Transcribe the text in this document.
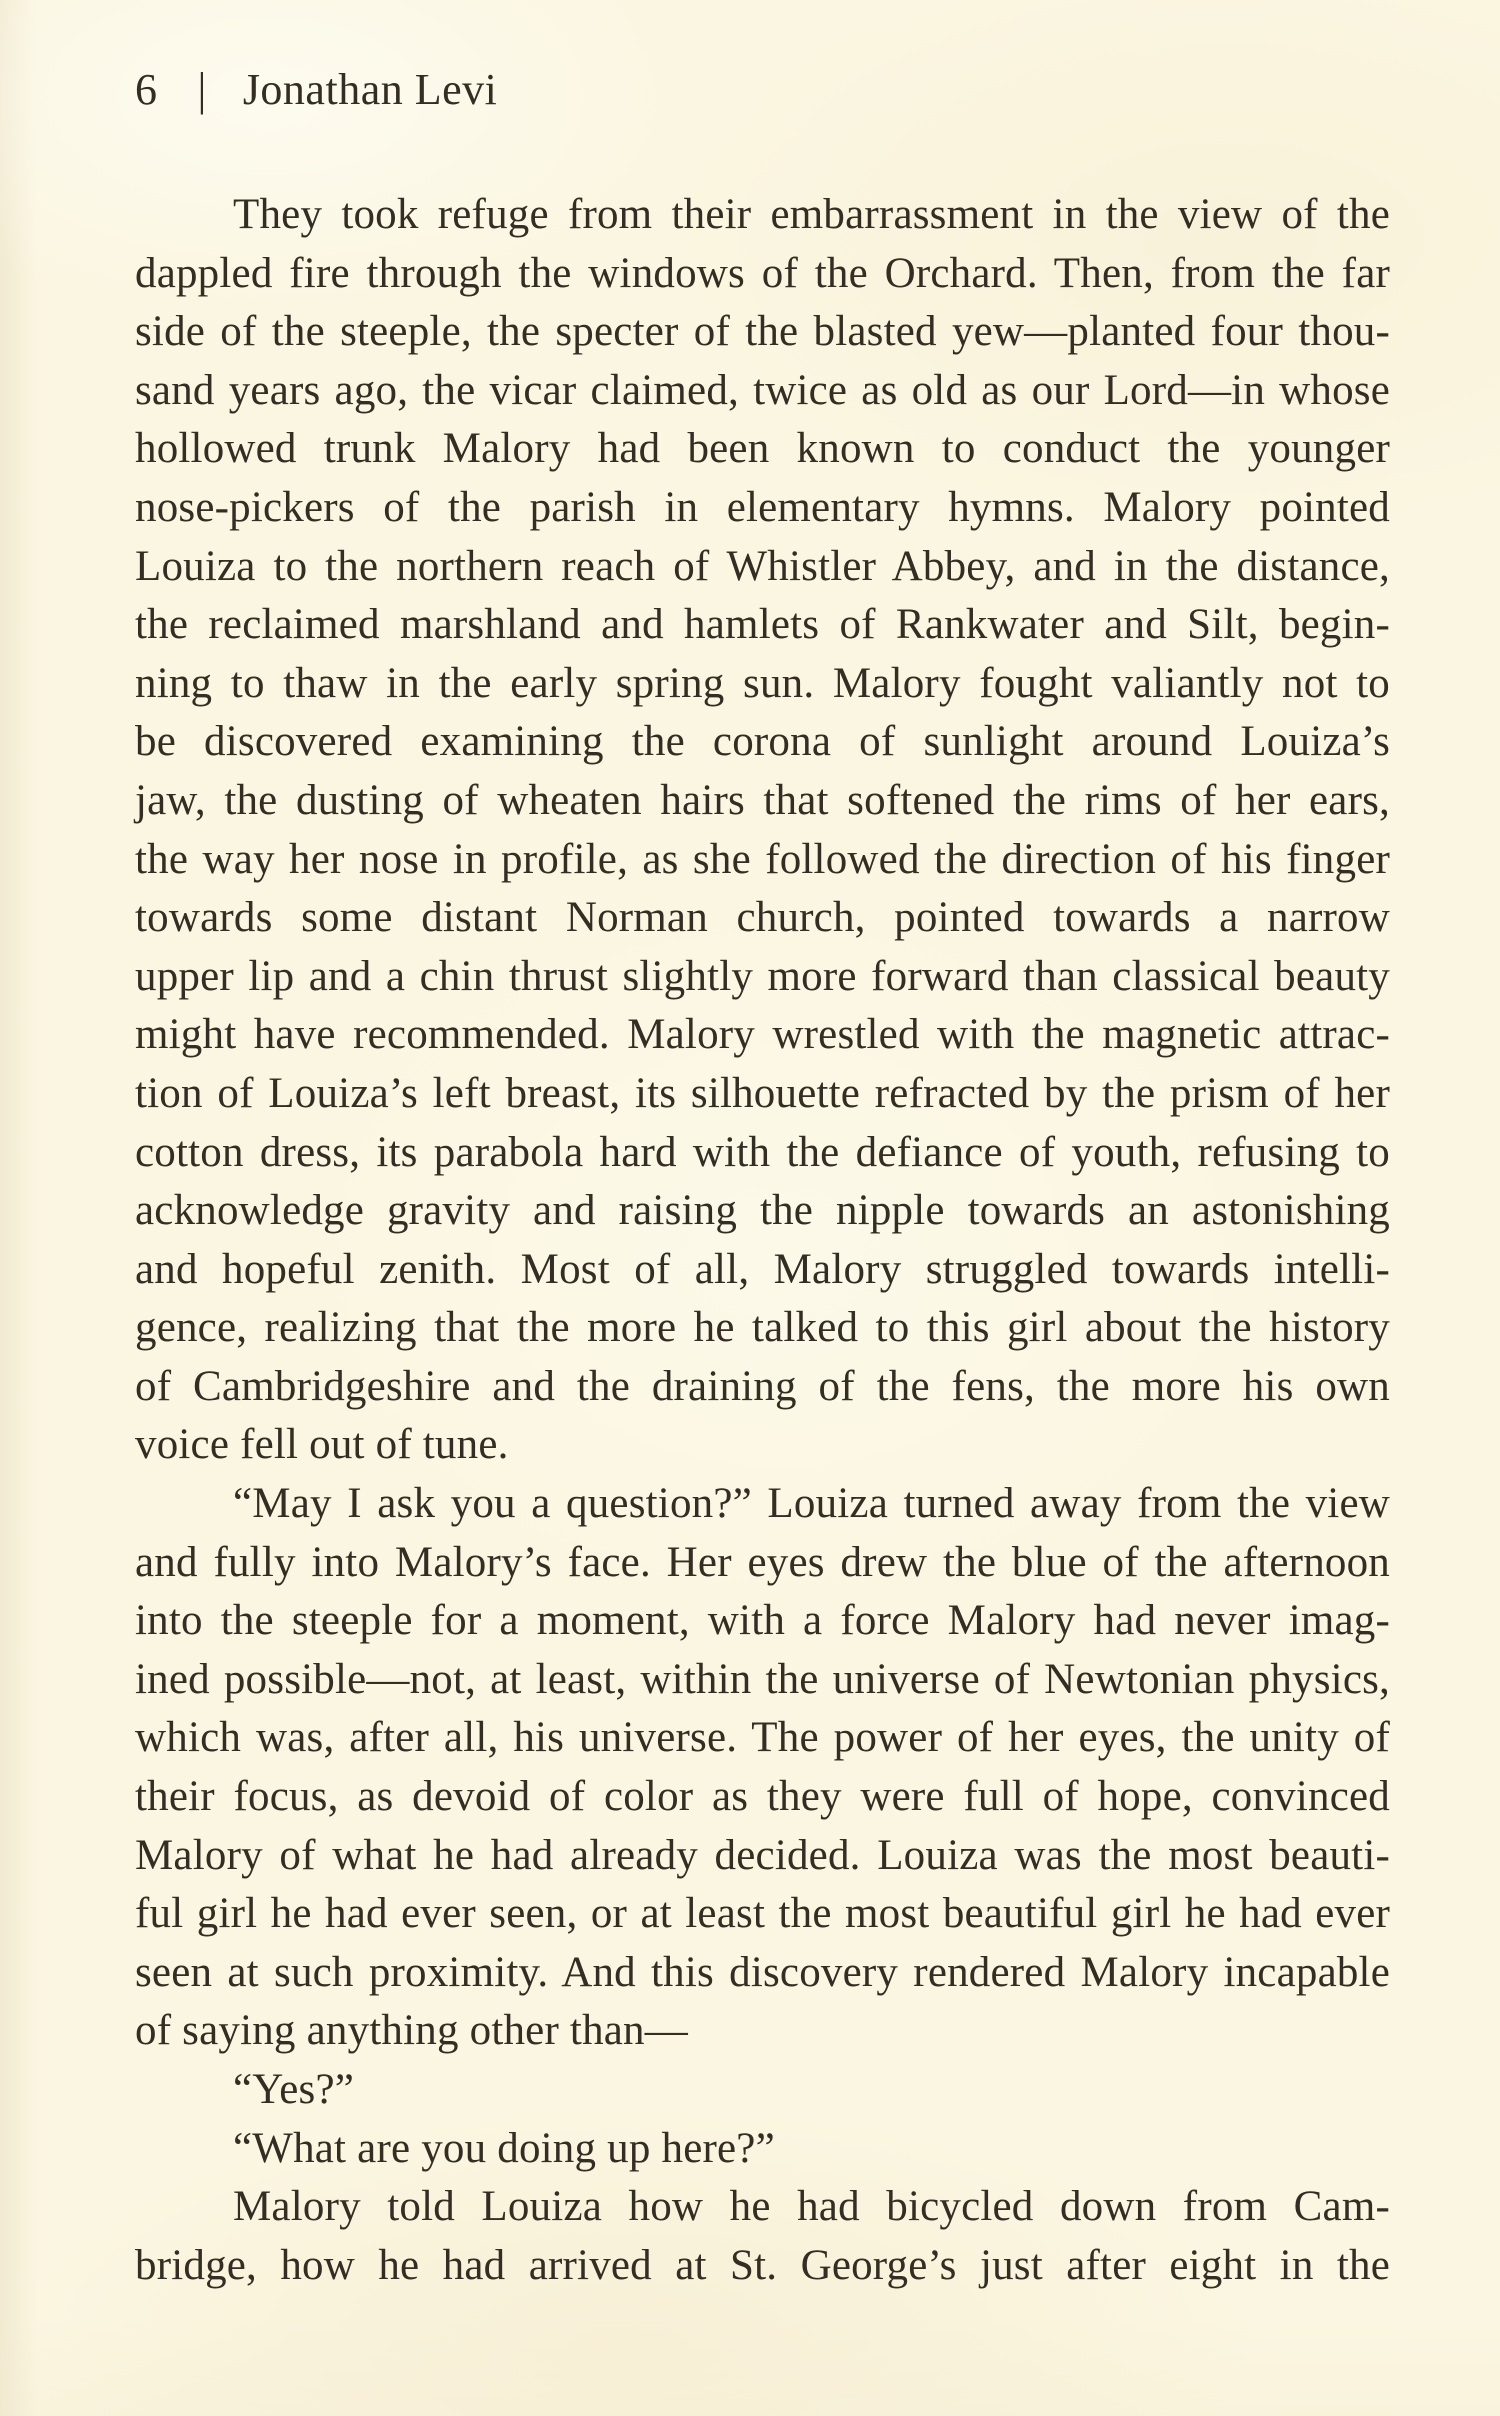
6 | Jonathan Levi
They took refuge from their embarrassment in the view of the
dappled fire through the windows of the Orchard. Then, from the far
side of the steeple, the specter of the blasted yew—planted four thou-
sand years ago, the vicar claimed, twice as old as our Lord—in whose
hollowed trunk Malory had been known to conduct the younger
nose-pickers of the parish in elementary hymns. Malory pointed
Louiza to the northern reach of Whistler Abbey, and in the distance,
the reclaimed marshland and hamlets of Rankwater and Silt, begin-
ning to thaw in the early spring sun. Malory fought valiantly not to
be discovered examining the corona of sunlight around Louiza’s
jaw, the dusting of wheaten hairs that softened the rims of her ears,
the way her nose in profile, as she followed the direction of his finger
towards some distant Norman church, pointed towards a narrow
upper lip and a chin thrust slightly more forward than classical beauty
might have recommended. Malory wrestled with the magnetic attrac-
tion of Louiza’s left breast, its silhouette refracted by the prism of her
cotton dress, its parabola hard with the defiance of youth, refusing to
acknowledge gravity and raising the nipple towards an astonishing
and hopeful zenith. Most of all, Malory struggled towards intelli-
gence, realizing that the more he talked to this girl about the history
of Cambridgeshire and the draining of the fens, the more his own
voice fell out of tune.
“May I ask you a question?” Louiza turned away from the view
and fully into Malory’s face. Her eyes drew the blue of the afternoon
into the steeple for a moment, with a force Malory had never imag-
ined possible—not, at least, within the universe of Newtonian physics,
which was, after all, his universe. The power of her eyes, the unity of
their focus, as devoid of color as they were full of hope, convinced
Malory of what he had already decided. Louiza was the most beauti-
ful girl he had ever seen, or at least the most beautiful girl he had ever
seen at such proximity. And this discovery rendered Malory incapable
of saying anything other than—
“Yes?”
“What are you doing up here?”
Malory told Louiza how he had bicycled down from Cam-
bridge, how he had arrived at St. George’s just after eight in the
